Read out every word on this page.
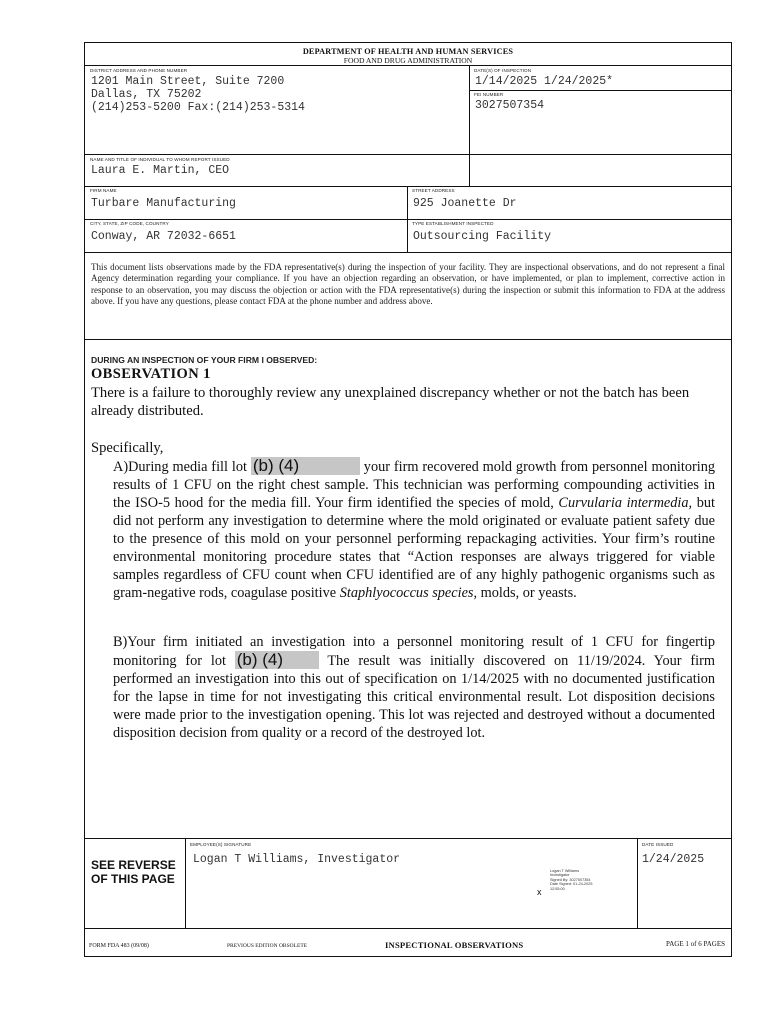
DEPARTMENT OF HEALTH AND HUMAN SERVICES
FOOD AND DRUG ADMINISTRATION
DISTRICT ADDRESS AND PHONE NUMBER
1201 Main Street, Suite 7200
Dallas, TX 75202
(214)253-5200 Fax:(214)253-5314
DATE(S) OF INSPECTION
1/14/2025 1/24/2025*
FEI NUMBER
3027507354
NAME AND TITLE OF INDIVIDUAL TO WHOM REPORT ISSUED
Laura E. Martin, CEO
FIRM NAME
Turbare Manufacturing
STREET ADDRESS
925 Joanette Dr
CITY, STATE, ZIP CODE, COUNTRY
Conway, AR 72032-6651
TYPE ESTABLISHMENT INSPECTED
Outsourcing Facility
This document lists observations made by the FDA representative(s) during the inspection of your facility. They are inspectional observations, and do not represent a final Agency determination regarding your compliance. If you have an objection regarding an observation, or have implemented, or plan to implement, corrective action in response to an observation, you may discuss the objection or action with the FDA representative(s) during the inspection or submit this information to FDA at the address above. If you have any questions, please contact FDA at the phone number and address above.
DURING AN INSPECTION OF YOUR FIRM I OBSERVED:
OBSERVATION 1
There is a failure to thoroughly review any unexplained discrepancy whether or not the batch has been already distributed.
Specifically,
A)During media fill lot (b) (4)	your firm recovered mold growth from personnel monitoring results of 1 CFU on the right chest sample. This technician was performing compounding activities in the ISO-5 hood for the media fill. Your firm identified the species of mold, Curvularia intermedia, but did not perform any investigation to determine where the mold originated or evaluate patient safety due to the presence of this mold on your personnel performing repackaging activities. Your firm’s routine environmental monitoring procedure states that “Action responses are always triggered for viable samples regardless of CFU count when CFU identified are of any highly pathogenic organisms such as gram-negative rods, coagulase positive Staphlyococcus species, molds, or yeasts.
B)Your firm initiated an investigation into a personnel monitoring result of 1 CFU for fingertip monitoring for lot (b) (4)	The result was initially discovered on 11/19/2024. Your firm performed an investigation into this out of specification on 1/14/2025 with no documented justification for the lapse in time for not investigating this critical environmental result. Lot disposition decisions were made prior to the investigation opening. This lot was rejected and destroyed without a documented disposition decision from quality or a record of the destroyed lot.
SEE REVERSE
OF THIS PAGE
EMPLOYEE(S) SIGNATURE
Logan T Williams, Investigator
x
Logan T Williams
Investigator
Signed By: 3027507354
Date Signed: 01-24-2025
12:55:00
DATE ISSUED
1/24/2025
FORM FDA 483 (09/08)	PREVIOUS EDITION OBSOLETE	INSPECTIONAL OBSERVATIONS	PAGE 1 of 6 PAGES
